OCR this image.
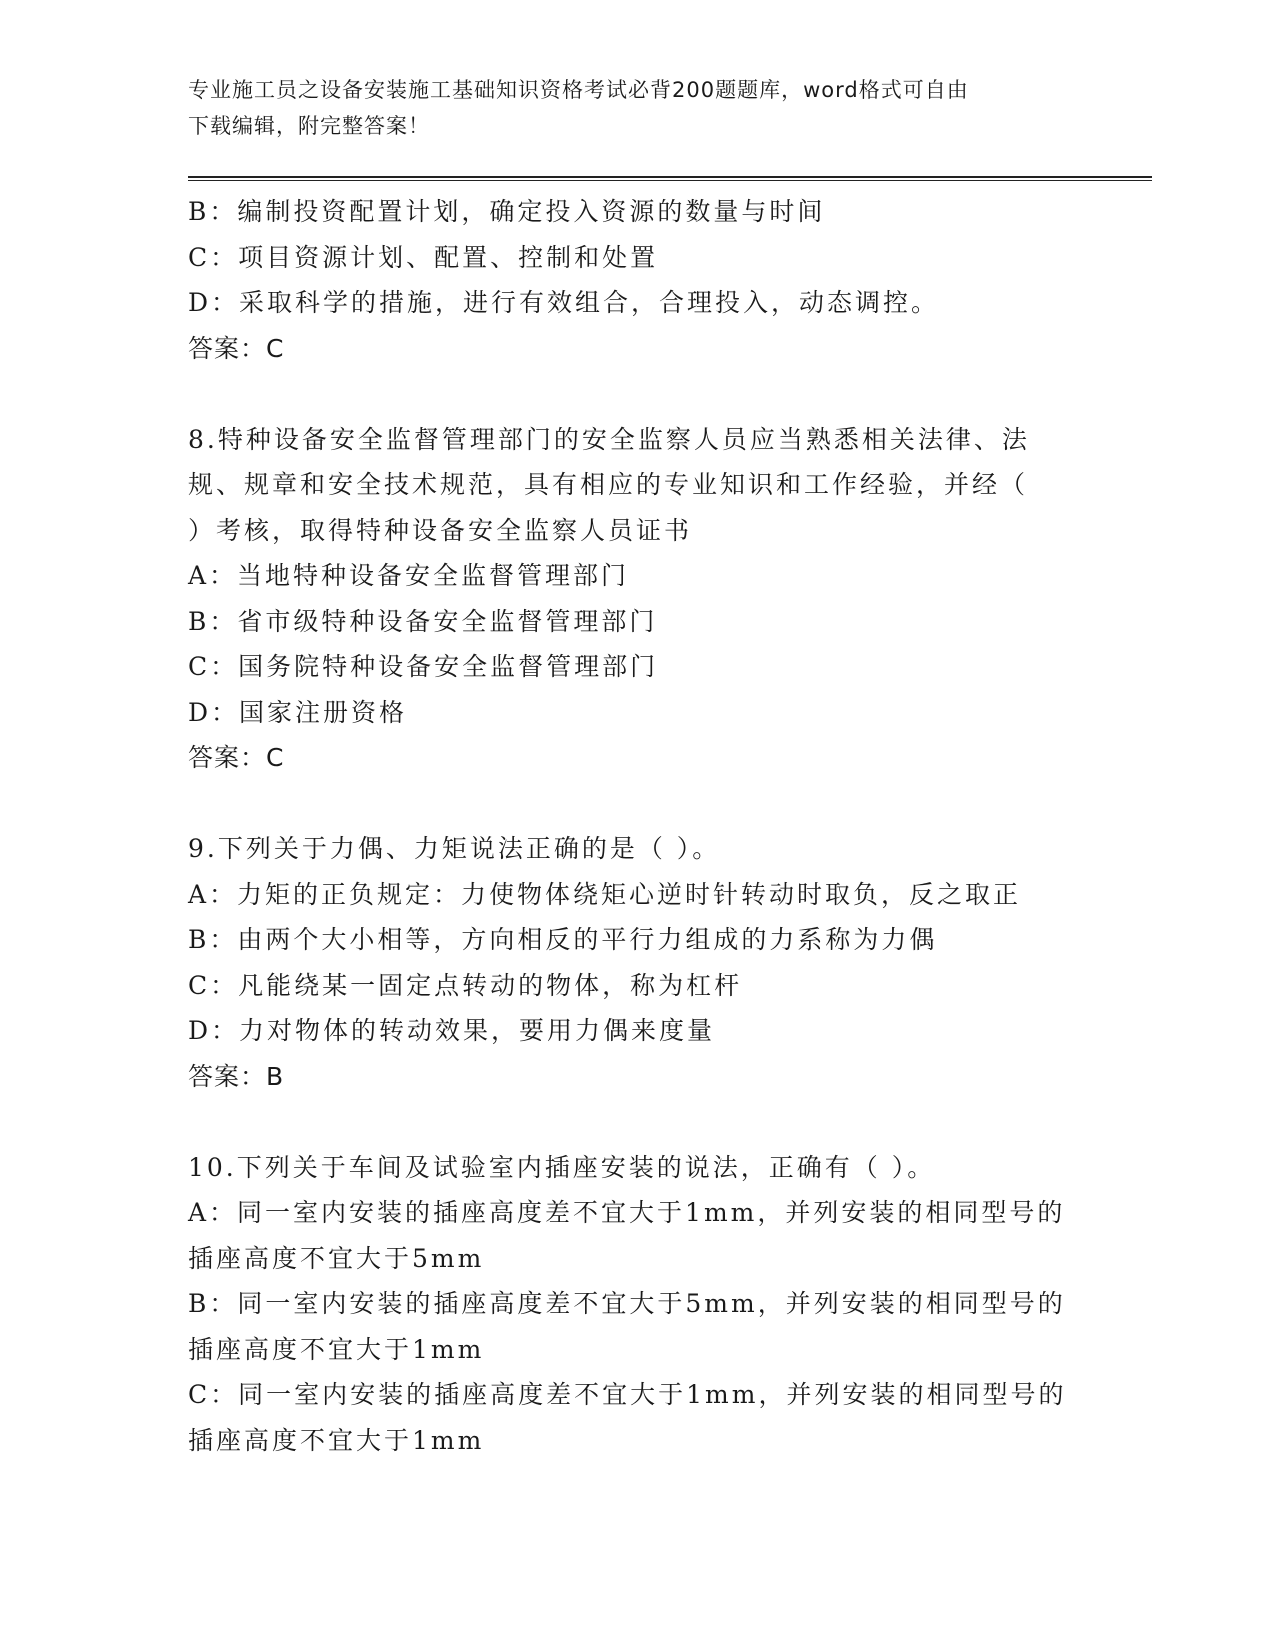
专业施工员之设备安装施工基础知识资格考试必背200题题库，word格式可自由
下载编辑，附完整答案！
B：编制投资配置计划，确定投入资源的数量与时间
C：项目资源计划、配置、控制和处置
D：采取科学的措施，进行有效组合，合理投入，动态调控。
答案：C
8.特种设备安全监督管理部门的安全监察人员应当熟悉相关法律、法
规、规章和安全技术规范，具有相应的专业知识和工作经验，并经（
）考核，取得特种设备安全监察人员证书
A：当地特种设备安全监督管理部门
B：省市级特种设备安全监督管理部门
C：国务院特种设备安全监督管理部门
D：国家注册资格
答案：C
9.下列关于力偶、力矩说法正确的是（ ）。
A：力矩的正负规定：力使物体绕矩心逆时针转动时取负，反之取正
B：由两个大小相等，方向相反的平行力组成的力系称为力偶
C：凡能绕某一固定点转动的物体，称为杠杆
D：力对物体的转动效果，要用力偶来度量
答案：B
10.下列关于车间及试验室内插座安装的说法，正确有（ ）。
A：同一室内安装的插座高度差不宜大于1mm，并列安装的相同型号的
插座高度不宜大于5mm
B：同一室内安装的插座高度差不宜大于5mm，并列安装的相同型号的
插座高度不宜大于1mm
C：同一室内安装的插座高度差不宜大于1mm，并列安装的相同型号的
插座高度不宜大于1mm
